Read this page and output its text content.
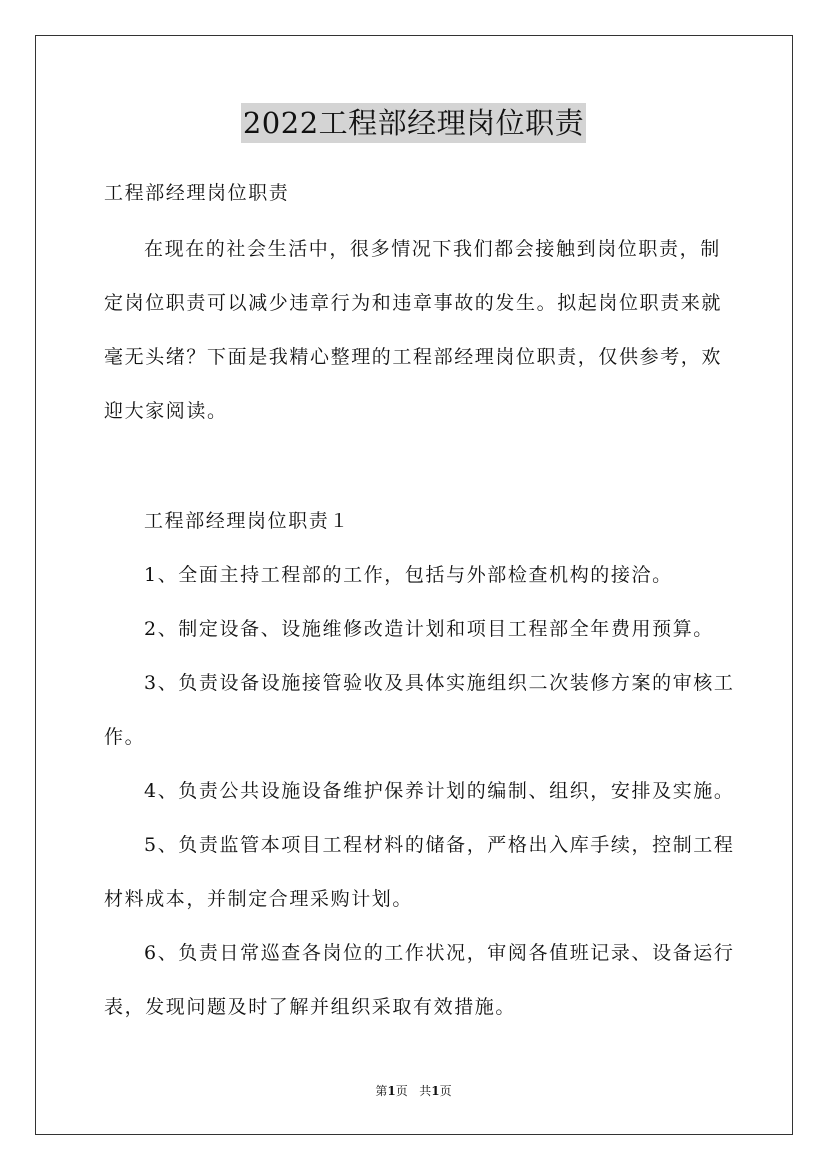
2022工程部经理岗位职责
工程部经理岗位职责
在现在的社会生活中，很多情况下我们都会接触到岗位职责，制
定岗位职责可以减少违章行为和违章事故的发生。拟起岗位职责来就
毫无头绪？下面是我精心整理的工程部经理岗位职责，仅供参考，欢
迎大家阅读。
工程部经理岗位职责１
1、全面主持工程部的工作，包括与外部检查机构的接洽。
2、制定设备、设施维修改造计划和项目工程部全年费用预算。
3、负责设备设施接管验收及具体实施组织二次装修方案的审核工
作。
4、负责公共设施设备维护保养计划的编制、组织，安排及实施。
5、负责监管本项目工程材料的储备，严格出入库手续，控制工程
材料成本，并制定合理采购计划。
6、负责日常巡查各岗位的工作状况，审阅各值班记录、设备运行
表，发现问题及时了解并组织采取有效措施。
第1页 共1页
